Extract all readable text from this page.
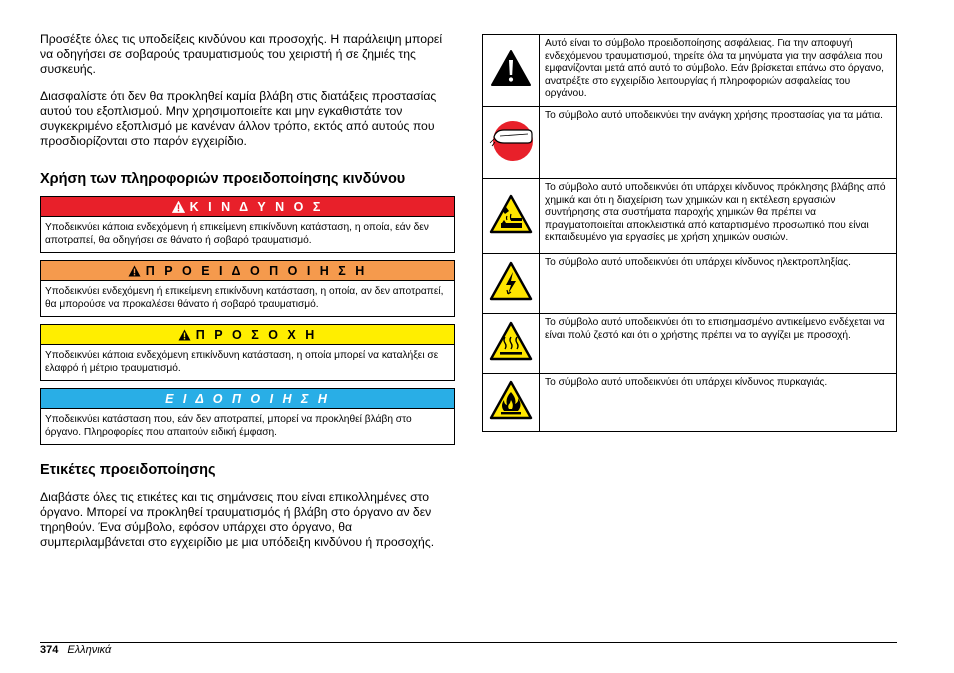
Προσέξτε όλες τις υποδείξεις κινδύνου και προσοχής. Η παράλειψη μπορεί να οδηγήσει σε σοβαρούς τραυματισμούς του χειριστή ή σε ζημιές της συσκευής.

Διασφαλίστε ότι δεν θα προκληθεί καμία βλάβη στις διατάξεις προστασίας αυτού του εξοπλισμού. Μην χρησιμοποιείτε και μην εγκαθιστάτε τον συγκεκριμένο εξοπλισμό με κανέναν άλλον τρόπο, εκτός από αυτούς που προσδιορίζονται στο παρόν εγχειρίδιο.

Χρήση των πληροφοριών προειδοποίησης κινδύνου
Κ Ι Ν Δ Υ Ν Ο Σ
Υποδεικνύει κάποια ενδεχόμενη ή επικείμενη επικίνδυνη κατάσταση, η οποία, εάν δεν αποτραπεί, θα οδηγήσει σε θάνατο ή σοβαρό τραυματισμό.
Π Ρ Ο Ε Ι Δ Ο Π Ο Ι Η Σ Η
Υποδεικνύει ενδεχόμενη ή επικείμενη επικίνδυνη κατάσταση, η οποία, αν δεν αποτραπεί, θα μπορούσε να προκαλέσει θάνατο ή σοβαρό τραυματισμό.
Π Ρ Ο Σ Ο Χ Η
Υποδεικνύει κάποια ενδεχόμενη επικίνδυνη κατάσταση, η οποία μπορεί να καταλήξει σε ελαφρό ή μέτριο τραυματισμό.
Ε Ι Δ Ο Π Ο Ι Η Σ Η
Υποδεικνύει κατάσταση που, εάν δεν αποτραπεί, μπορεί να προκληθεί βλάβη στο όργανο. Πληροφορίες που απαιτούν ειδική έμφαση.
Ετικέτες προειδοποίησης

Διαβάστε όλες τις ετικέτες και τις σημάνσεις που είναι επικολλημένες στο όργανο. Μπορεί να προκληθεί τραυματισμός ή βλάβη στο όργανο αν δεν τηρηθούν. Ένα σύμβολο, εφόσον υπάρχει στο όργανο, θα συμπεριλαμβάνεται στο εγχειρίδιο με μια υπόδειξη κινδύνου ή προσοχής.

	Αυτό είναι το σύμβολο προειδοποίησης ασφάλειας. Για την αποφυγή ενδεχόμενου τραυματισμού, τηρείτε όλα τα μηνύματα για την ασφάλεια που εμφανίζονται μετά από αυτό το σύμβολο. Εάν βρίσκεται επάνω στο όργανο, ανατρέξτε στο εγχειρίδιο λειτουργίας ή πληροφοριών ασφαλείας του οργάνου.
	Το σύμβολο αυτό υποδεικνύει την ανάγκη χρήσης προστασίας για τα μάτια.
	Το σύμβολο αυτό υποδεικνύει ότι υπάρχει κίνδυνος πρόκλησης βλάβης από χημικά και ότι η διαχείριση των χημικών και η εκτέλεση εργασιών συντήρησης στα συστήματα παροχής χημικών θα πρέπει να πραγματοποιείται αποκλειστικά από καταρτισμένο προσωπικό που είναι εκπαιδευμένο για εργασίες με χρήση χημικών ουσιών.
	Το σύμβολο αυτό υποδεικνύει ότι υπάρχει κίνδυνος ηλεκτροπληξίας.
	Το σύμβολο αυτό υποδεικνύει ότι το επισημασμένο αντικείμενο ενδέχεται να είναι πολύ ζεστό και ότι ο χρήστης πρέπει να το αγγίζει με προσοχή.
	Το σύμβολο αυτό υποδεικνύει ότι υπάρχει κίνδυνος πυρκαγιάς.
374 Ελληνικά
